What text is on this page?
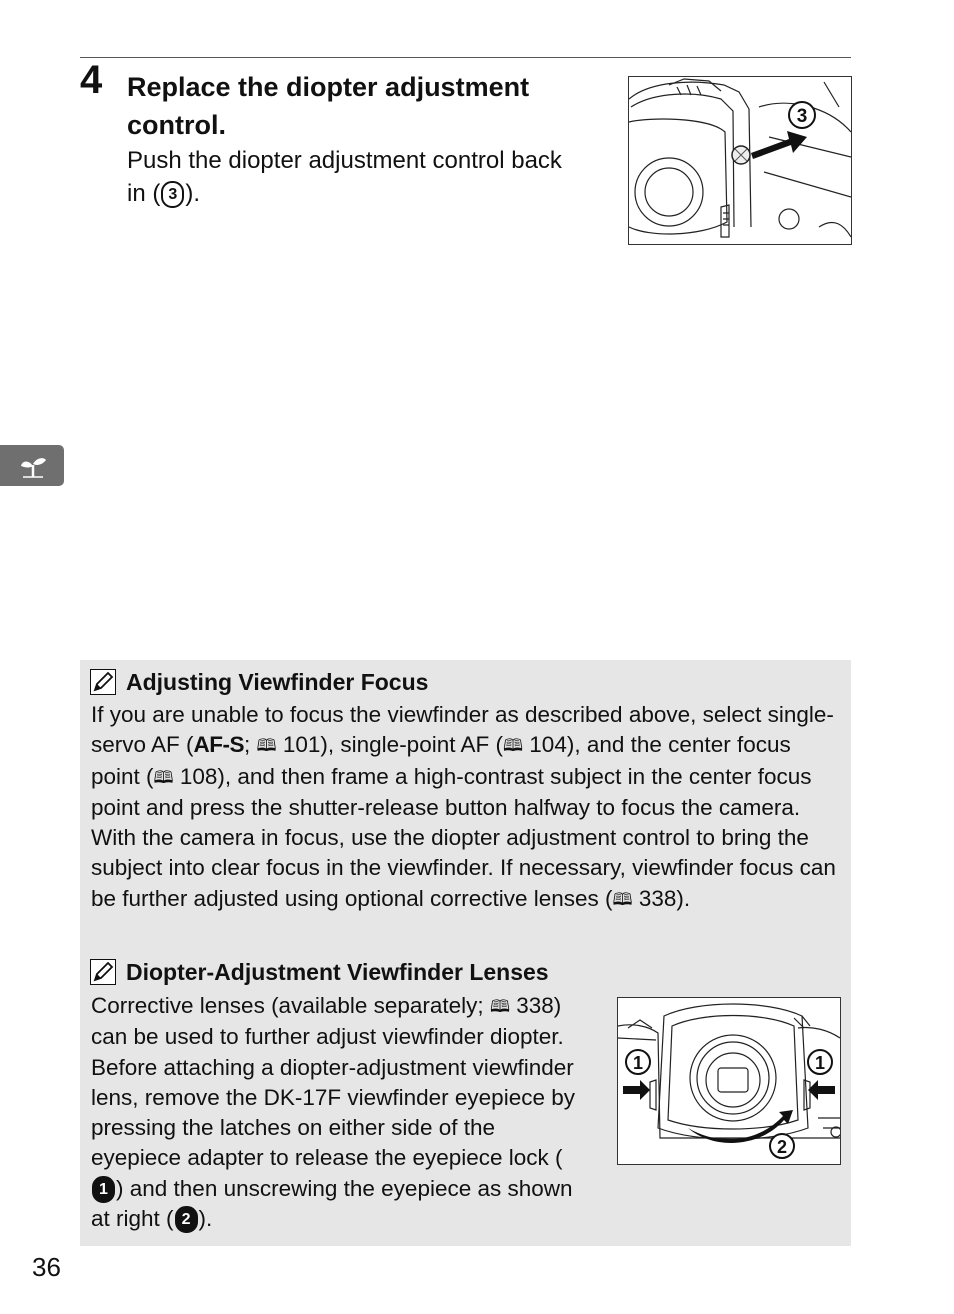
4 Replace the diopter adjustment control.
Push the diopter adjustment control back in ( 3 ).
3
Adjusting Viewfinder Focus
If you are unable to focus the viewfinder as described above, select single-servo AF (AF-S; 🕮 101), single-point AF (🕮 104), and the center focus point (🕮 108), and then frame a high-contrast subject in the center focus point and press the shutter-release button halfway to focus the camera. With the camera in focus, use the diopter adjustment control to bring the subject into clear focus in the viewfinder. If necessary, viewfinder focus can be further adjusted using optional corrective lenses (🕮 338).
Diopter-Adjustment Viewfinder Lenses
Corrective lenses (available separately; 🕮 338) can be used to further adjust viewfinder diopter. Before attaching a diopter-adjustment viewfinder lens, remove the DK-17F viewfinder eyepiece by pressing the latches on either side of the eyepiece adapter to release the eyepiece lock (1 ) and then unscrewing the eyepiece as shown at right ( 2 ).
1	1
2
36
